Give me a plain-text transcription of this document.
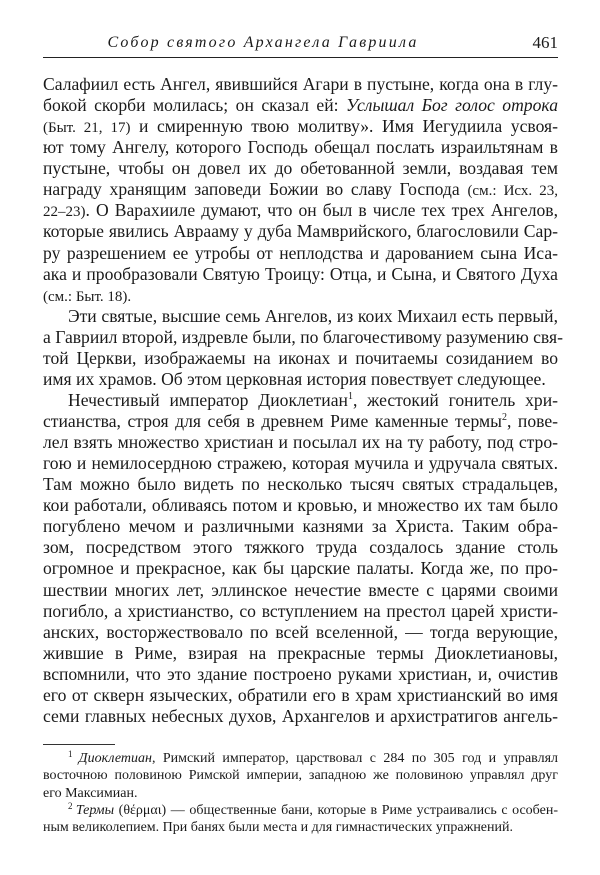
Собор святого Архангела Гавриила	461
Салафиил есть Ангел, явившийся Агари в пустыне, когда она в глу-
бокой скорби молилась; он сказал ей: Услышал Бог голос отрока
(Быт. 21, 17) и смиренную твою молитву». Имя Иегудиила усвоя-
ют тому Ангелу, которого Господь обещал послать израильтянам в
пустыне, чтобы он довел их до обетованной земли, воздавая тем
награду хранящим заповеди Божии во славу Господа (см.: Исх. 23,
22–23). О Варахииле думают, что он был в числе тех трех Ангелов,
которые явились Аврааму у дуба Мамврийского, благословили Сар-
ру разрешением ее утробы от неплодства и дарованием сына Иса-
ака и прообразовали Святую Троицу: Отца, и Сына, и Святого Духа
(см.: Быт. 18).
Эти святые, высшие семь Ангелов, из коих Михаил есть первый,
а Гавриил второй, издревле были, по благочестивому разумению свя-
той Церкви, изображаемы на иконах и почитаемы созиданием во
имя их храмов. Об этом церковная история повествует следующее.
Нечестивый император Диоклетиан$^1$, жестокий гонитель хри-
стианства, строя для себя в древнем Риме каменные термы$^2$, пове-
лел взять множество христиан и посылал их на ту работу, под стро-
гою и немилосердною стражею, которая мучила и удручала святых.
Там можно было видеть по несколько тысяч святых страдальцев,
кои работали, обливаясь потом и кровью, и множество их там было
погублено мечом и различными казнями за Христа. Таким обра-
зом, посредством этого тяжкого труда создалось здание столь
огромное и прекрасное, как бы царские палаты. Когда же, по про-
шествии многих лет, эллинское нечестие вместе с царями своими
погибло, а христианство, со вступлением на престол царей христи-
анских, восторжествовало по всей вселенной, — тогда верующие,
жившие в Риме, взирая на прекрасные термы Диоклетиановы,
вспомнили, что это здание построено руками христиан, и, очистив
его от скверн языческих, обратили его в храм христианский во имя
семи главных небесных духов, Архангелов и архистратигов ангель-
$^1$ Диоклетиан, Римский император, царствовал с 284 по 305 год и управлял
восточною половиною Римской империи, западною же половиною управлял друг
его Максимиан.
$^2$ Термы (θέρμαι) — общественные бани, которые в Риме устраивались с особен-
ным великолепием. При банях были места и для гимнастических упражнений.
